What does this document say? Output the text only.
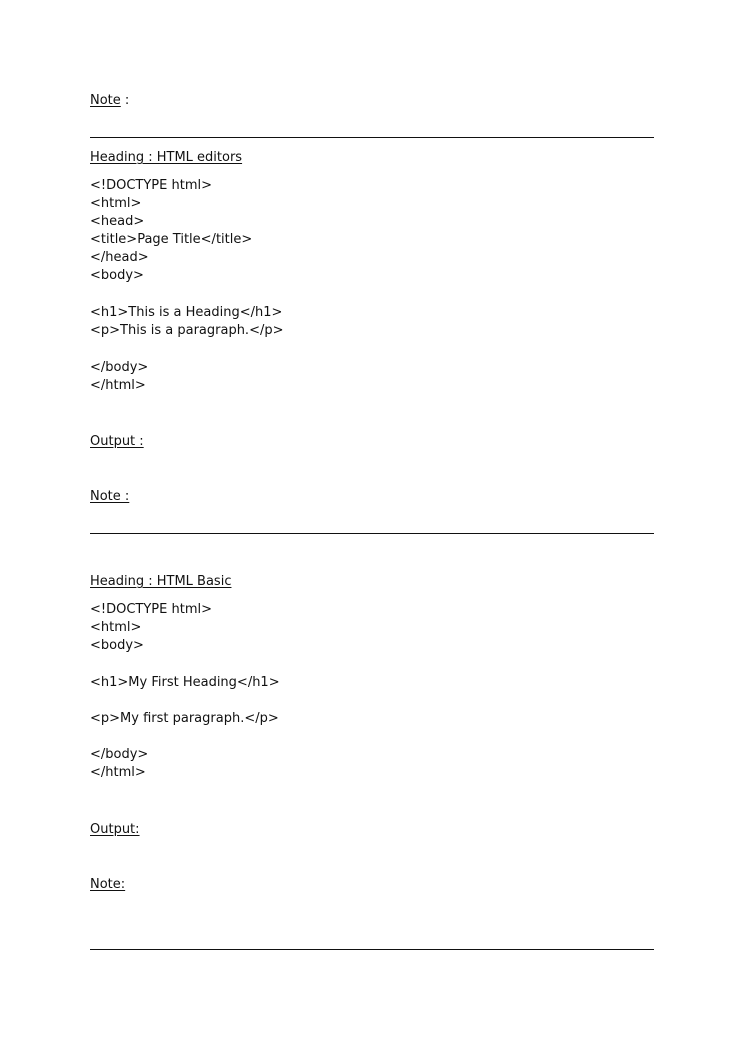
Note :
Heading : HTML editors
<!DOCTYPE html>
<html>
<head>
<title>Page Title</title>
</head>
<body>
<h1>This is a Heading</h1>
<p>This is a paragraph.</p>
</body>
</html>
Output :
Note :
Heading : HTML Basic
<!DOCTYPE html>
<html>
<body>
<h1>My First Heading</h1>
<p>My first paragraph.</p>
</body>
</html>
Output:
Note:
